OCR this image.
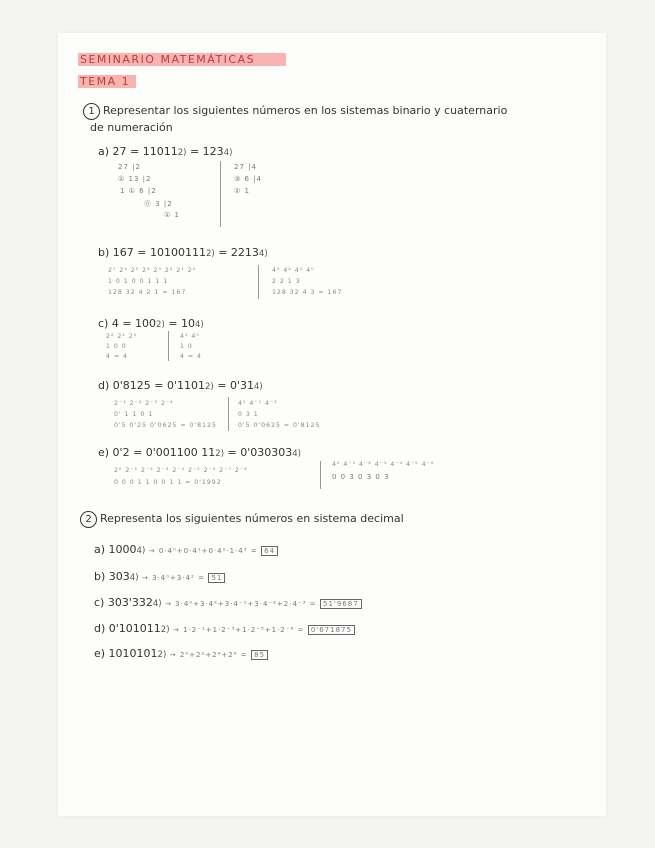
SEMINARIO MATEMÁTICAS
TEMA 1
1 Representar los siguientes números en los sistemas binario y cuaternario
de numeración
a) 27 = 110112) = 1234)
27 |2
① 13 |2
1 ① 6 |2
⓪ 3 |2
① 1
27 |4
③ 6 |4
② 1
b) 167 = 101001112) = 22134)
2⁷ 2⁶ 2⁵ 2⁴ 2³ 2² 2¹ 2⁰
1 0 1 0 0 1 1 1
128 32 4 2 1 = 167
4³ 4² 4¹ 4⁰
2 2 1 3
128 32 4 3 = 167
c) 4 = 1002) = 104)
2² 2¹ 2⁰
1 0 0
4 = 4
4¹ 4⁰
1 0
4 = 4
d) 0'8125 = 0'11012) = 0'314)
2⁻¹ 2⁻² 2⁻³ 2⁻⁴
0' 1 1 0 1
0'5 0'25 0'0625 = 0'8125
4⁰ 4⁻¹ 4⁻²
0 3 1
0'5 0'0625 = 0'8125
e) 0'2 = 0'001100 112) = 0'0303034)
2⁰ 2⁻¹ 2⁻² 2⁻³ 2⁻⁴ 2⁻⁵ 2⁻⁶ 2⁻⁷ 2⁻⁸
0 0 0 1 1 0 0 1 1 = 0'1992
4⁰ 4⁻¹ 4⁻² 4⁻³ 4⁻⁴ 4⁻⁵ 4⁻⁶
0 0 3 0 3 0 3
2 Representa los siguientes números en sistema decimal
a) 10004) → 0·4⁰+0·4¹+0·4²·1·4³ = 64
b) 3034) → 3·4⁰+3·4² = 51
c) 303'3324) → 3·4⁰+3·4²+3·4⁻¹+3·4⁻²+2·4⁻³ = 51'9687
d) 0'1010112) → 1·2⁻¹+1·2⁻³+1·2⁻⁵+1·2⁻⁶ = 0'671875
e) 10101012) → 2⁰+2²+2⁴+2⁶ = 85
